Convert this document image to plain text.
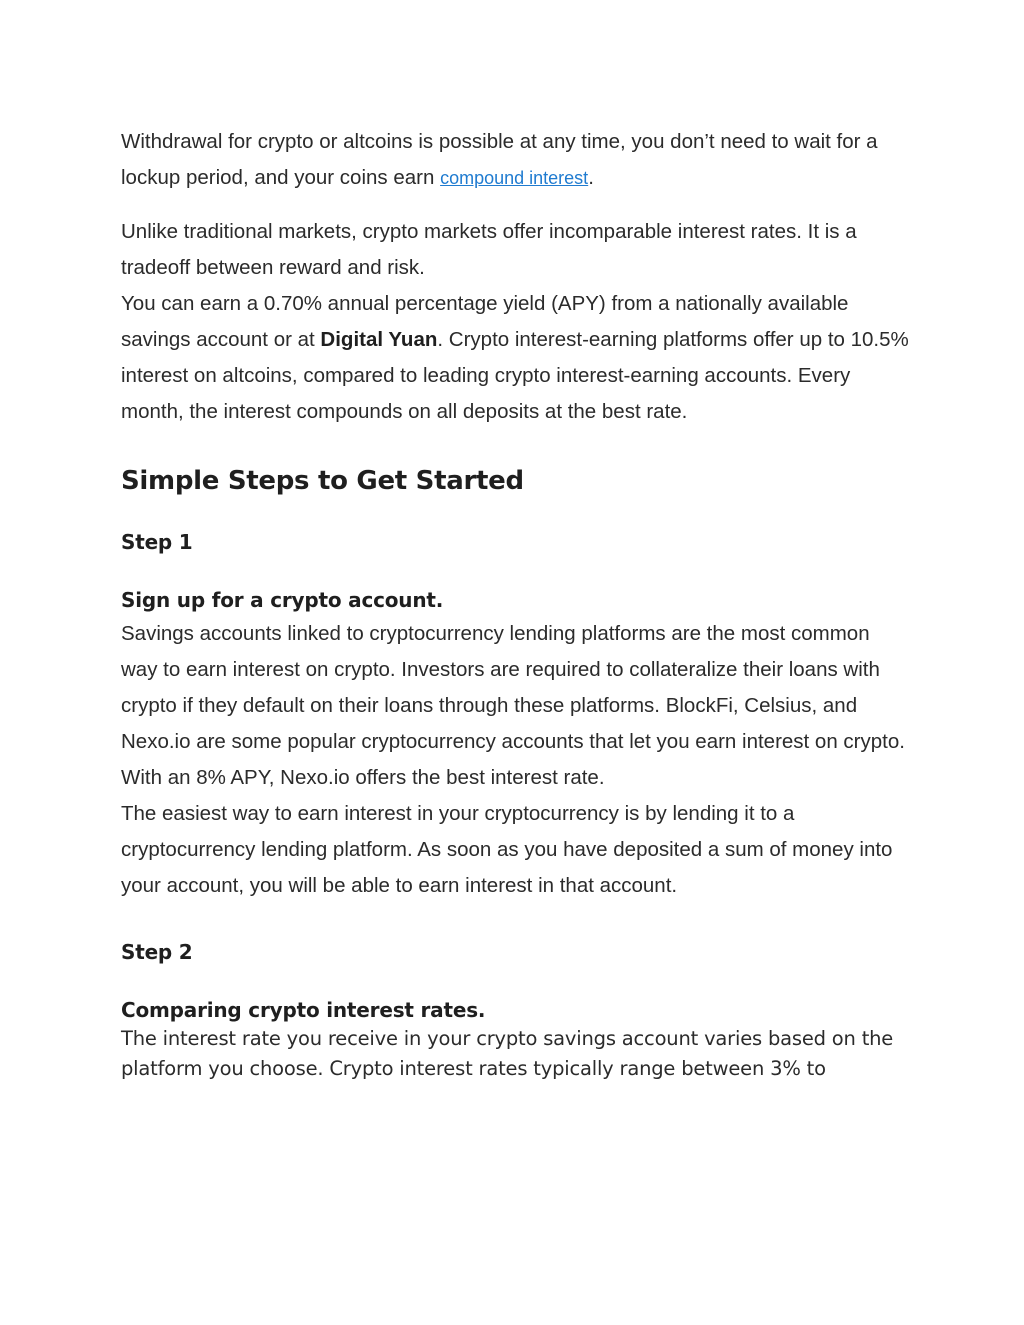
Withdrawal for crypto or altcoins is possible at any time, you don’t need to wait for a lockup period, and your coins earn compound interest.

Unlike traditional markets, crypto markets offer incomparable interest rates. It is a tradeoff between reward and risk.

You can earn a 0.70% annual percentage yield (APY) from a nationally available savings account or at Digital Yuan. Crypto interest-earning platforms offer up to 10.5% interest on altcoins, compared to leading crypto interest-earning accounts. Every month, the interest compounds on all deposits at the best rate.

Simple Steps to Get Started
Step 1
Sign up for a crypto account.

Savings accounts linked to cryptocurrency lending platforms are the most common way to earn interest on crypto. Investors are required to collateralize their loans with crypto if they default on their loans through these platforms. BlockFi, Celsius, and Nexo.io are some popular cryptocurrency accounts that let you earn interest on crypto. With an 8% APY, Nexo.io offers the best interest rate.

The easiest way to earn interest in your cryptocurrency is by lending it to a cryptocurrency lending platform. As soon as you have deposited a sum of money into your account, you will be able to earn interest in that account.

Step 2
Comparing crypto interest rates.

The interest rate you receive in your crypto savings account varies based on the platform you choose. Crypto interest rates typically range between 3% to
